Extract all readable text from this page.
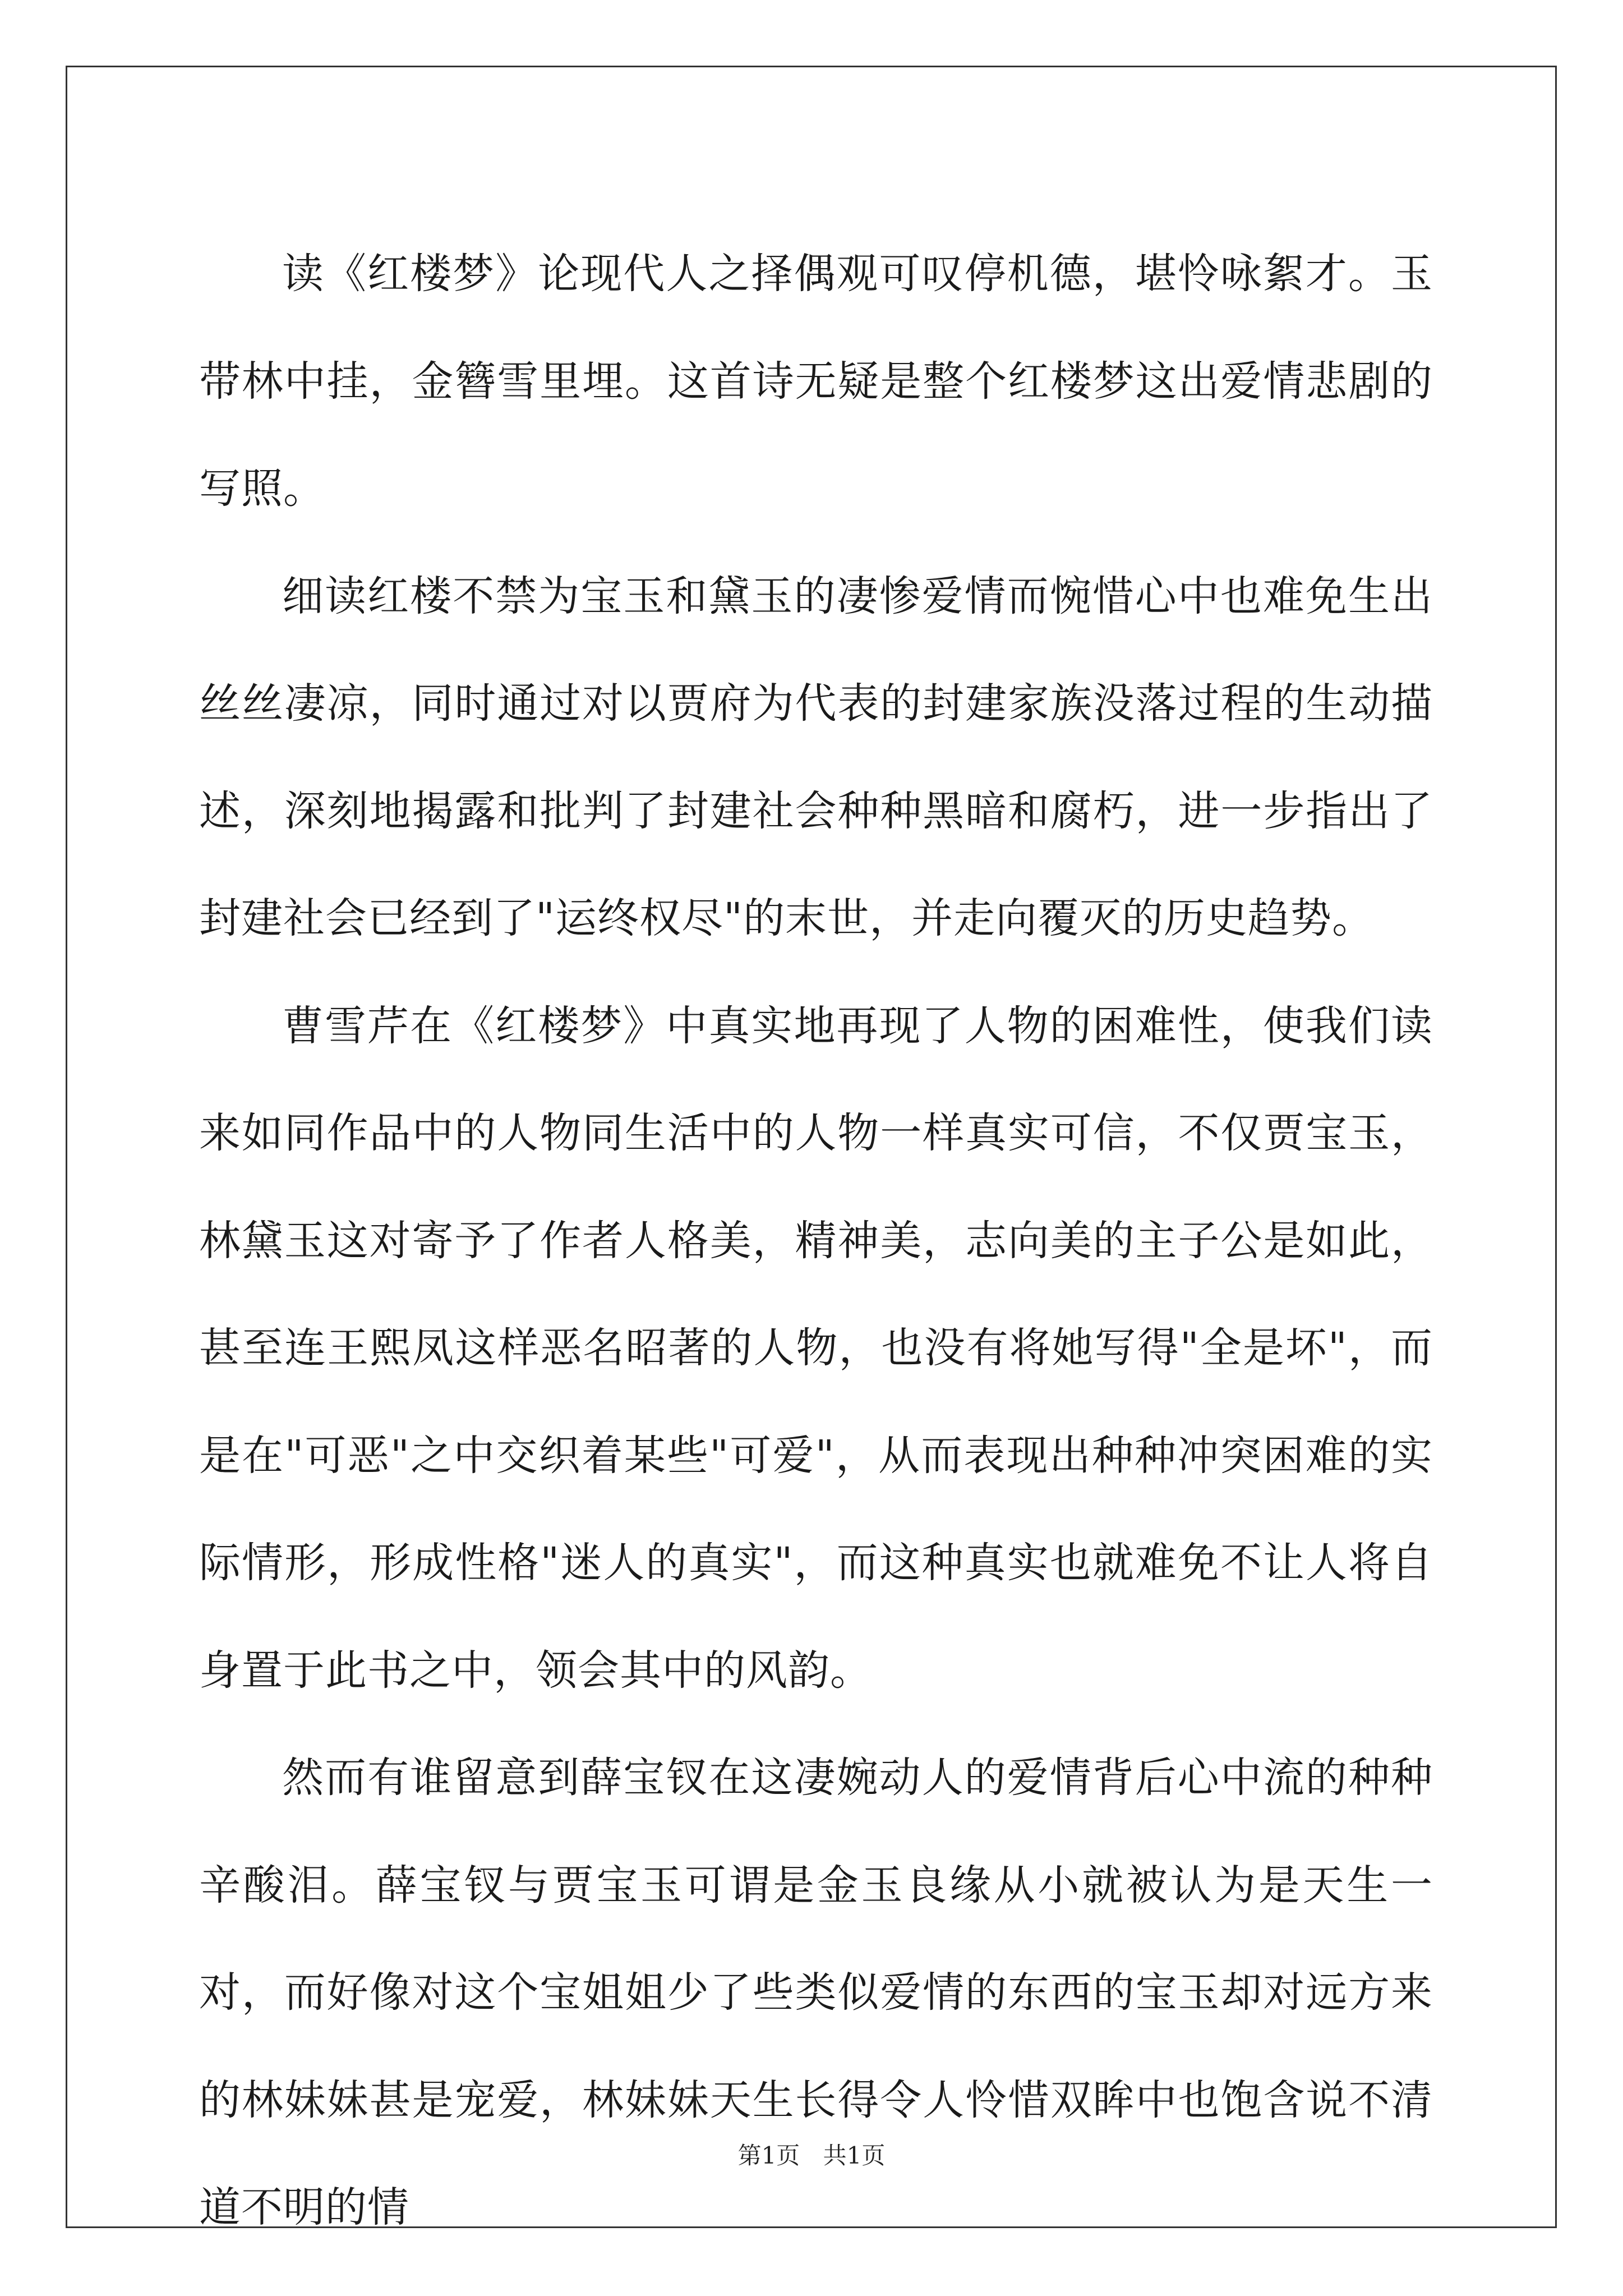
读《红楼梦》论现代人之择偶观可叹停机德，堪怜咏絮才。玉带林中挂，金簪雪里埋。这首诗无疑是整个红楼梦这出爱情悲剧的写照。

细读红楼不禁为宝玉和黛玉的凄惨爱情而惋惜心中也难免生出丝丝凄凉，同时通过对以贾府为代表的封建家族没落过程的生动描述，深刻地揭露和批判了封建社会种种黑暗和腐朽，进一步指出了封建社会已经到了"运终权尽"的末世，并走向覆灭的历史趋势。

曹雪芹在《红楼梦》中真实地再现了人物的困难性，使我们读来如同作品中的人物同生活中的人物一样真实可信，不仅贾宝玉，林黛玉这对寄予了作者人格美，精神美，志向美的主子公是如此，甚至连王熙凤这样恶名昭著的人物，也没有将她写得"全是坏"，而是在"可恶"之中交织着某些"可爱"，从而表现出种种冲突困难的实际情形，形成性格"迷人的真实"，而这种真实也就难免不让人将自身置于此书之中，领会其中的风韵。

然而有谁留意到薛宝钗在这凄婉动人的爱情背后心中流的种种辛酸泪。薛宝钗与贾宝玉可谓是金玉良缘从小就被认为是天生一对，而好像对这个宝姐姐少了些类似爱情的东西的宝玉却对远方来的林妹妹甚是宠爱，林妹妹天生长得令人怜惜双眸中也饱含说不清道不明的情

第1页 共1页
